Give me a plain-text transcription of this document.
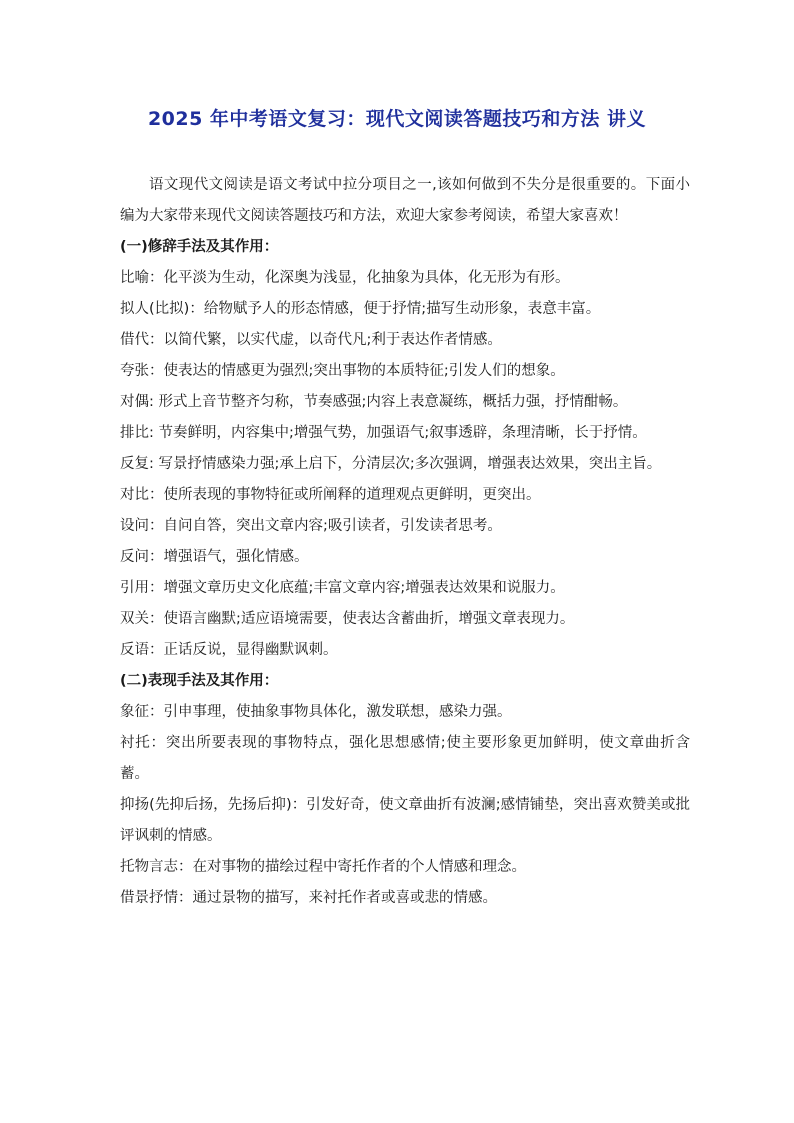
2025 年中考语文复习：现代文阅读答题技巧和方法 讲义

语文现代文阅读是语文考试中拉分项目之一,该如何做到不失分是很重要的。下面小编为大家带来现代文阅读答题技巧和方法，欢迎大家参考阅读，希望大家喜欢！

(一)修辞手法及其作用：

比喻：化平淡为生动，化深奥为浅显，化抽象为具体，化无形为有形。

拟人(比拟)：给物赋予人的形态情感，便于抒情;描写生动形象，表意丰富。

借代：以简代繁，以实代虚，以奇代凡;利于表达作者情感。

夸张：使表达的情感更为强烈;突出事物的本质特征;引发人们的想象。

对偶: 形式上音节整齐匀称，节奏感强;内容上表意凝练，概括力强，抒情酣畅。

排比: 节奏鲜明，内容集中;增强气势，加强语气;叙事透辟，条理清晰，长于抒情。

反复: 写景抒情感染力强;承上启下，分清层次;多次强调，增强表达效果，突出主旨。

对比：使所表现的事物特征或所阐释的道理观点更鲜明，更突出。

设问：自问自答，突出文章内容;吸引读者，引发读者思考。

反问：增强语气，强化情感。

引用：增强文章历史文化底蕴;丰富文章内容;增强表达效果和说服力。

双关：使语言幽默;适应语境需要，使表达含蓄曲折，增强文章表现力。

反语：正话反说，显得幽默讽刺。

(二)表现手法及其作用：

象征：引申事理，使抽象事物具体化，激发联想，感染力强。

衬托：突出所要表现的事物特点，强化思想感情;使主要形象更加鲜明，使文章曲折含蓄。

抑扬(先抑后扬，先扬后抑)：引发好奇，使文章曲折有波澜;感情铺垫，突出喜欢赞美或批评讽刺的情感。

托物言志：在对事物的描绘过程中寄托作者的个人情感和理念。

借景抒情：通过景物的描写，来衬托作者或喜或悲的情感。
